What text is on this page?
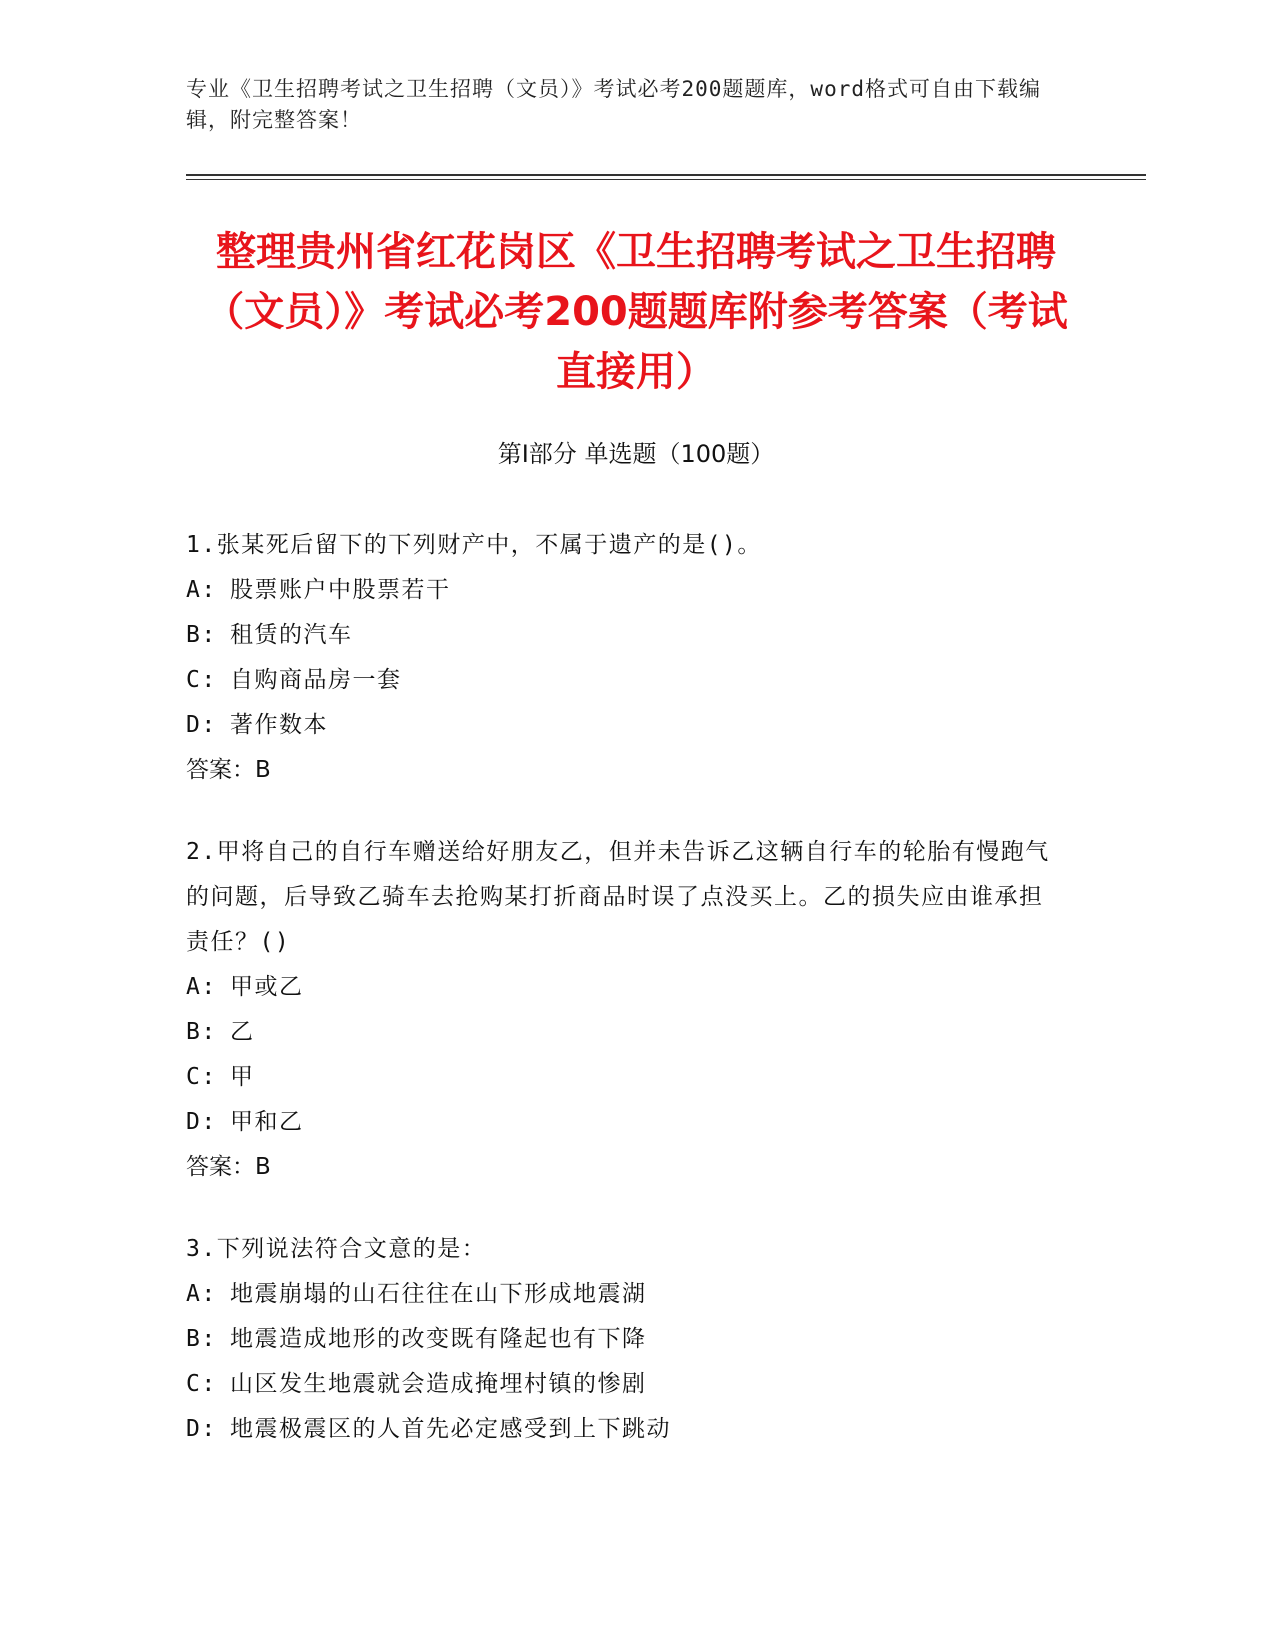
专业《卫生招聘考试之卫生招聘（文员）》考试必考200题题库，word格式可自由下载编辑，附完整答案！
整理贵州省红花岗区《卫生招聘考试之卫生招聘（文员）》考试必考200题题库附参考答案（考试直接用）
第Ⅰ部分 单选题（100题）
1.张某死后留下的下列财产中，不属于遗产的是()。
A: 股票账户中股票若干
B: 租赁的汽车
C: 自购商品房一套
D: 著作数本
答案：B
2.甲将自己的自行车赠送给好朋友乙，但并未告诉乙这辆自行车的轮胎有慢跑气的问题，后导致乙骑车去抢购某打折商品时误了点没买上。乙的损失应由谁承担责任？()
A: 甲或乙
B: 乙
C: 甲
D: 甲和乙
答案：B
3.下列说法符合文意的是：
A: 地震崩塌的山石往往在山下形成地震湖
B: 地震造成地形的改变既有隆起也有下降
C: 山区发生地震就会造成掩埋村镇的惨剧
D: 地震极震区的人首先必定感受到上下跳动
